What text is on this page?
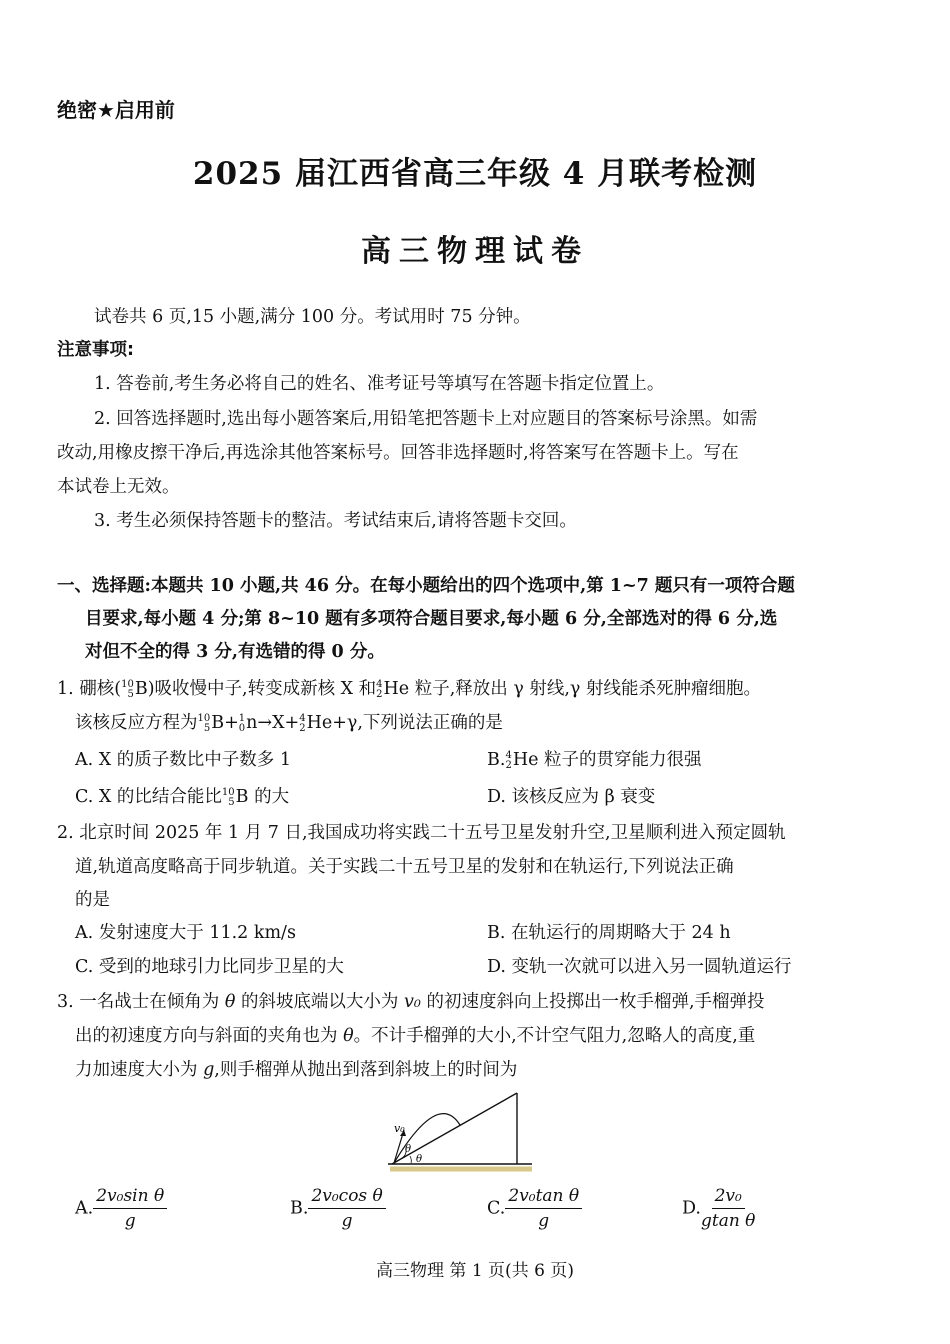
绝密★启用前
2025 届江西省高三年级 4 月联考检测
高三物理试卷
试卷共 6 页,15 小题,满分 100 分。考试用时 75 分钟。
注意事项:
1. 答卷前,考生务必将自己的姓名、准考证号等填写在答题卡指定位置上。
2. 回答选择题时,选出每小题答案后,用铅笔把答题卡上对应题目的答案标号涂黑。如需
改动,用橡皮擦干净后,再选涂其他答案标号。回答非选择题时,将答案写在答题卡上。写在
本试卷上无效。
3. 考生必须保持答题卡的整洁。考试结束后,请将答题卡交回。
一、选择题:本题共 10 小题,共 46 分。在每小题给出的四个选项中,第 1~7 题只有一项符合题
目要求,每小题 4 分;第 8~10 题有多项符合题目要求,每小题 6 分,全部选对的得 6 分,选
对但不全的得 3 分,有选错的得 0 分。
1. 硼核( 10
5 B)吸收慢中子,转变成新核 X 和 4
2 He 粒子,释放出 γ 射线,γ 射线能杀死肿瘤细胞。
该核反应方程为 10
5 B+ 1
0 n→X+ 4
2 He+γ,下列说法正确的是
A. X 的质子数比中子数多 1	B. 4
2 He 粒子的贯穿能力很强
C. X 的比结合能比 10
5 B 的大	D. 该核反应为 β 衰变
2. 北京时间 2025 年 1 月 7 日,我国成功将实践二十五号卫星发射升空,卫星顺利进入预定圆轨
道,轨道高度略高于同步轨道。关于实践二十五号卫星的发射和在轨运行,下列说法正确
的是
A. 发射速度大于 11.2 km/s	B. 在轨运行的周期略大于 24 h
C. 受到的地球引力比同步卫星的大	D. 变轨一次就可以进入另一圆轨道运行
3. 一名战士在倾角为 θ 的斜坡底端以大小为 v₀ 的初速度斜向上投掷出一枚手榴弹,手榴弹投
出的初速度方向与斜面的夹角也为 θ。不计手榴弹的大小,不计空气阻力,忽略人的高度,重
力加速度大小为 g,则手榴弹从抛出到落到斜坡上的时间为
v₀
θ
θ
A. $\frac{\text{2v₀sin θ}}{g}$	B. $\frac{\text{2v₀cos θ}}{g}$	C. $\frac{\text{2v₀tan θ}}{g}$	D. $\frac{\text{2v₀}}{\text{gtan θ}}$
高三物理 第 1 页(共 6 页)
